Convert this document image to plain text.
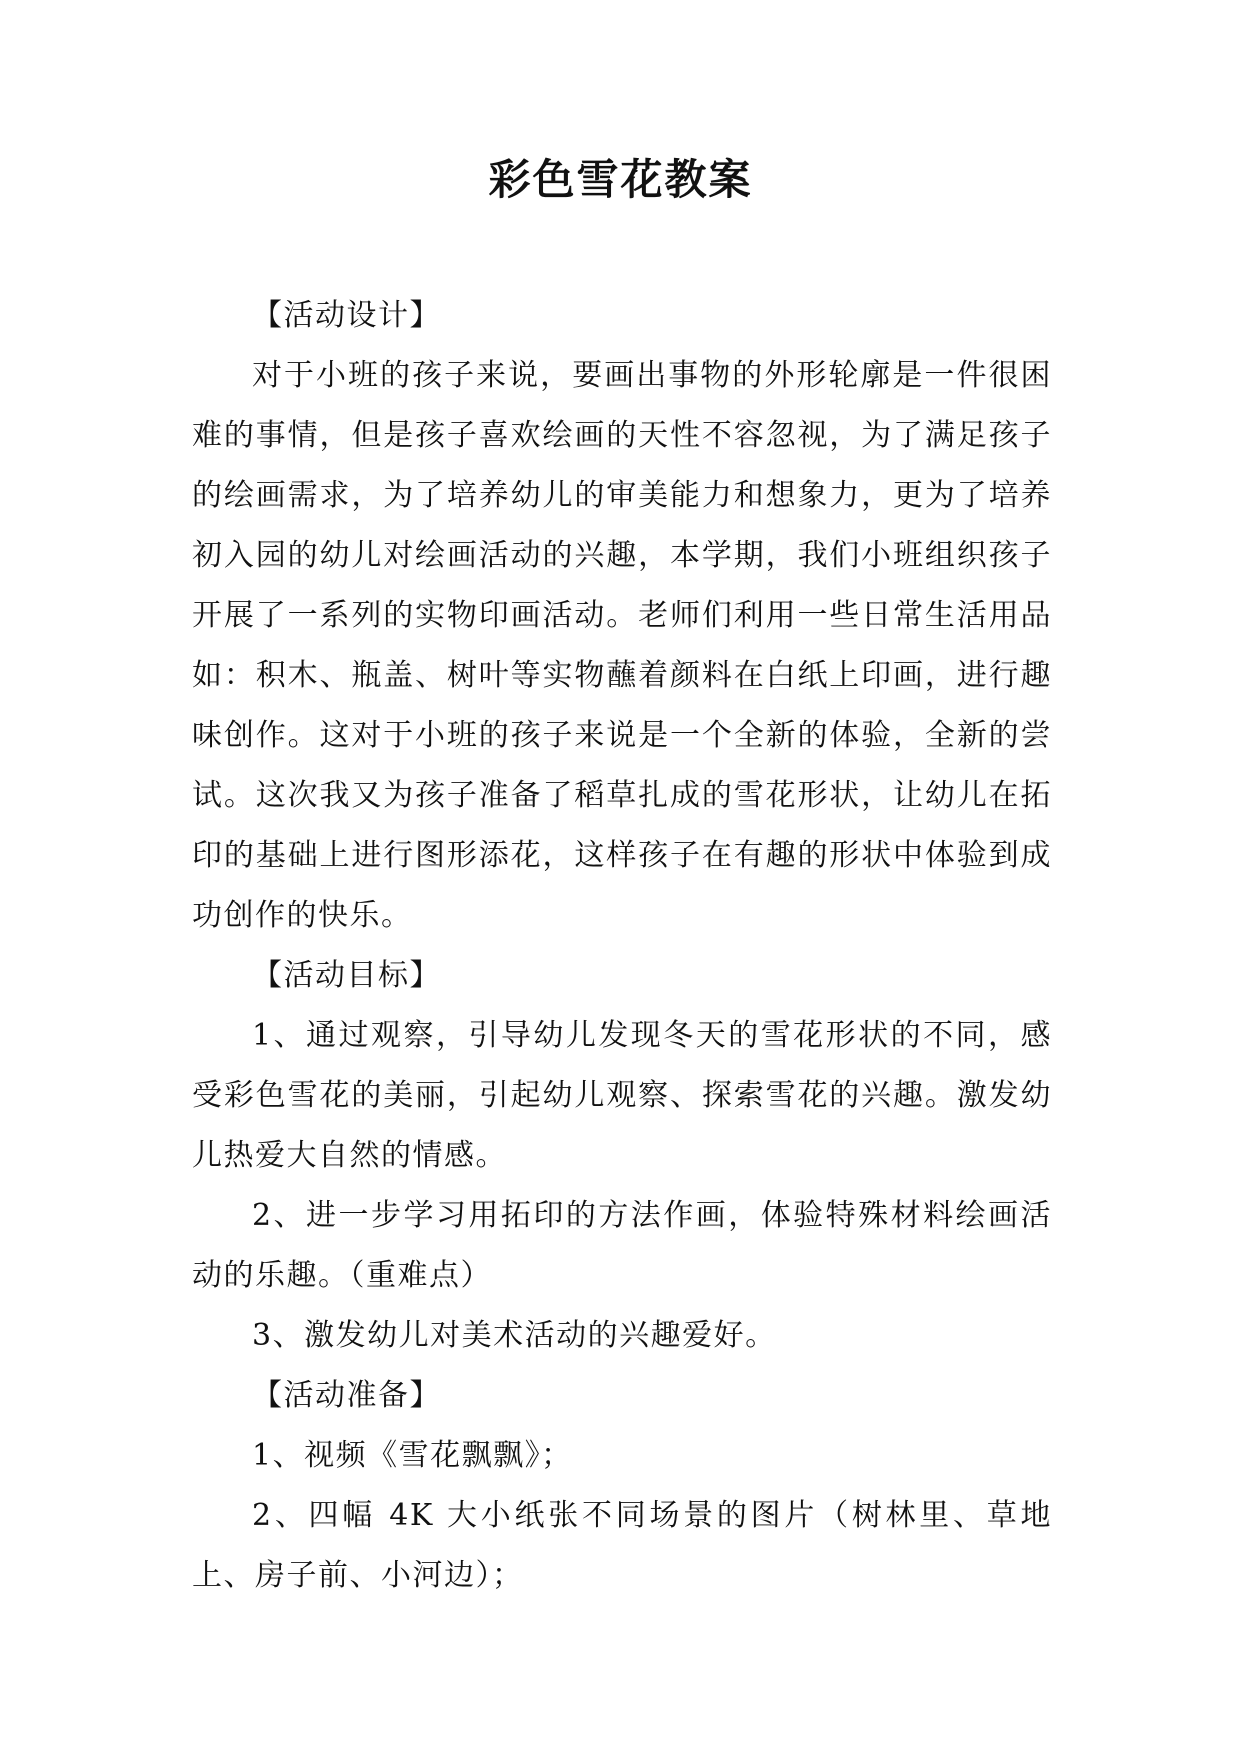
彩色雪花教案

【活动设计】

对于小班的孩子来说，要画出事物的外形轮廓是一件很困难的事情，但是孩子喜欢绘画的天性不容忽视，为了满足孩子的绘画需求，为了培养幼儿的审美能力和想象力，更为了培养初入园的幼儿对绘画活动的兴趣，本学期，我们小班组织孩子开展了一系列的实物印画活动。老师们利用一些日常生活用品如：积木、瓶盖、树叶等实物蘸着颜料在白纸上印画，进行趣味创作。这对于小班的孩子来说是一个全新的体验，全新的尝试。这次我又为孩子准备了稻草扎成的雪花形状，让幼儿在拓印的基础上进行图形添花，这样孩子在有趣的形状中体验到成功创作的快乐。

【活动目标】

1、通过观察，引导幼儿发现冬天的雪花形状的不同，感受彩色雪花的美丽，引起幼儿观察、探索雪花的兴趣。激发幼儿热爱大自然的情感。

2、进一步学习用拓印的方法作画，体验特殊材料绘画活动的乐趣。（重难点）

3、激发幼儿对美术活动的兴趣爱好。

【活动准备】

1、视频《雪花飘飘》；

2、四幅 4K 大小纸张不同场景的图片（树林里、草地上、房子前、小河边）；
